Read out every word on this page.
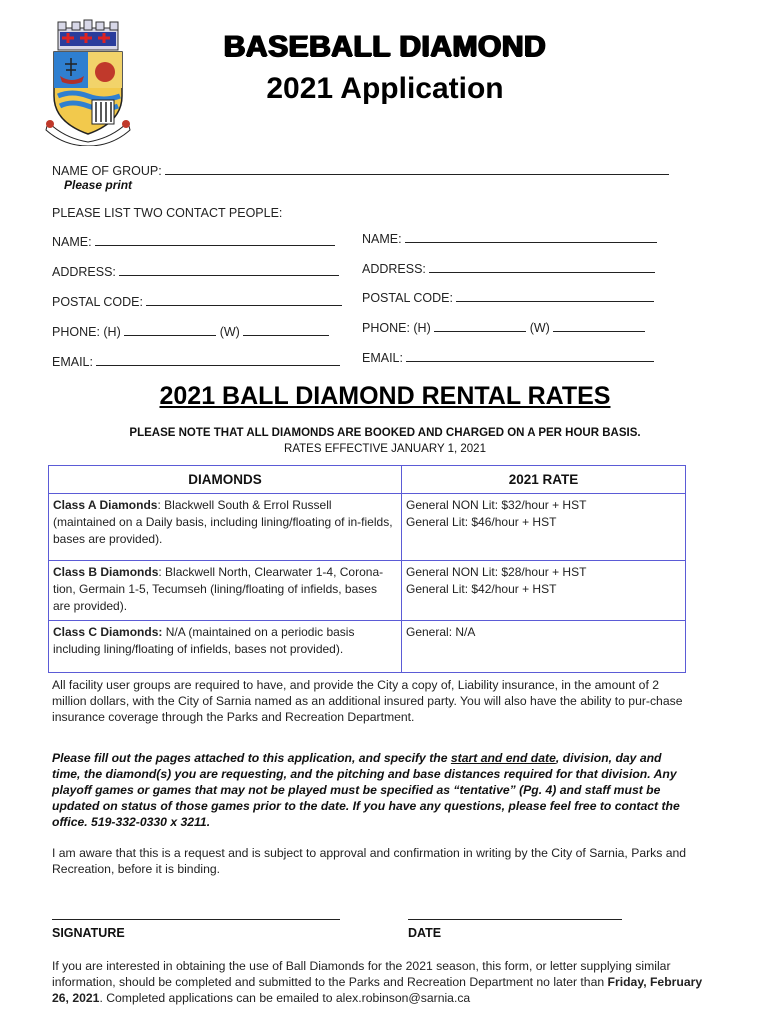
BASEBALL DIAMOND
2021 Application
NAME OF GROUP:
Please print
PLEASE LIST TWO CONTACT PEOPLE:
NAME:
ADDRESS:
POSTAL CODE:
PHONE: (H)	(W)
EMAIL:
NAME:
ADDRESS:
POSTAL CODE:
PHONE: (H)	(W)
EMAIL:
2021 BALL DIAMOND RENTAL RATES
PLEASE NOTE THAT ALL DIAMONDS ARE BOOKED AND CHARGED ON A PER HOUR BASIS.
RATES EFFECTIVE JANUARY 1, 2021
DIAMONDS	2021 RATE
Class A Diamonds: Blackwell South & Errol Russell (maintained on a Daily basis, including lining/floating of in-fields, bases are provided).	General NON Lit: $32/hour + HST
General Lit: $46/hour + HST

Class B Diamonds: Blackwell North, Clearwater 1-4, Corona-tion, Germain 1-5, Tecumseh (lining/floating of infields, bases are provided).	General NON Lit: $28/hour + HST
General Lit: $42/hour + HST

Class C Diamonds: N/A (maintained on a periodic basis including lining/floating of infields, bases not provided).	General: N/A
All facility user groups are required to have, and provide the City a copy of, Liability insurance, in the amount of 2 million dollars, with the City of Sarnia named as an additional insured party. You will also have the ability to pur-chase insurance coverage through the Parks and Recreation Department.
Please fill out the pages attached to this application, and specify the start and end date, division, day and time, the diamond(s) you are requesting, and the pitching and base distances required for that division. Any playoff games or games that may not be played must be specified as “tentative” (Pg. 4) and staff must be updated on status of those games prior to the date. If you have any questions, please feel free to contact the office. 519-332-0330 x 3211.
I am aware that this is a request and is subject to approval and confirmation in writing by the City of Sarnia, Parks and Recreation, before it is binding.
SIGNATURE	DATE
If you are interested in obtaining the use of Ball Diamonds for the 2021 season, this form, or letter supplying similar information, should be completed and submitted to the Parks and Recreation Department no later than Friday, February 26, 2021. Completed applications can be emailed to alex.robinson@sarnia.ca
